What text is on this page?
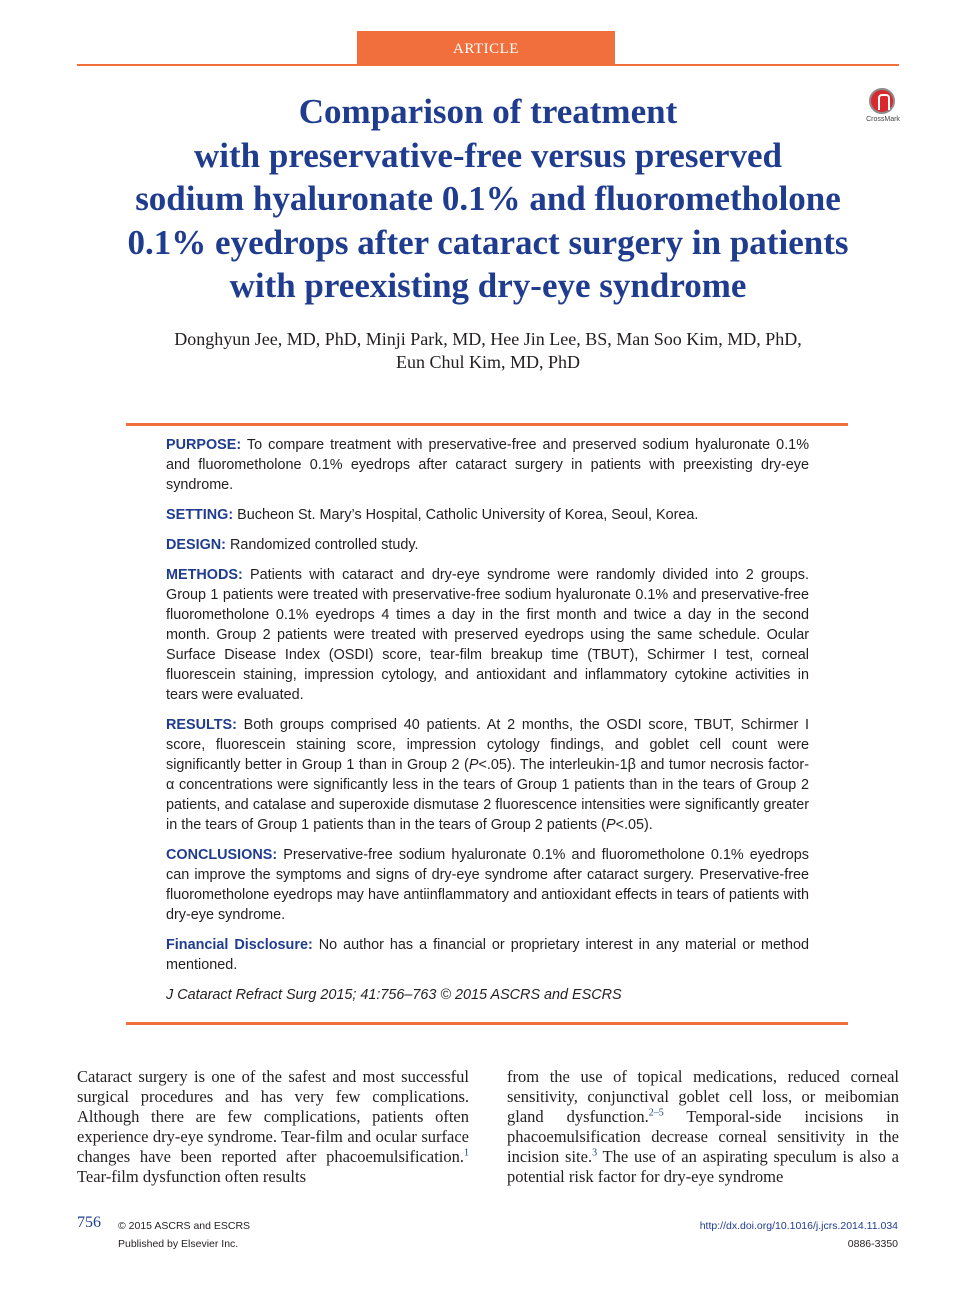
ARTICLE
CrossMark
Comparison of treatment
with preservative-free versus preserved
sodium hyaluronate 0.1% and fluorometholone
0.1% eyedrops after cataract surgery in patients
with preexisting dry-eye syndrome
Donghyun Jee, MD, PhD, Minji Park, MD, Hee Jin Lee, BS, Man Soo Kim, MD, PhD,
Eun Chul Kim, MD, PhD

PURPOSE: To compare treatment with preservative-free and preserved sodium hyaluronate 0.1% and fluorometholone 0.1% eyedrops after cataract surgery in patients with preexisting dry-eye syndrome.

SETTING: Bucheon St. Mary’s Hospital, Catholic University of Korea, Seoul, Korea.

DESIGN: Randomized controlled study.

METHODS: Patients with cataract and dry-eye syndrome were randomly divided into 2 groups. Group 1 patients were treated with preservative-free sodium hyaluronate 0.1% and preservative-free fluorometholone 0.1% eyedrops 4 times a day in the first month and twice a day in the second month. Group 2 patients were treated with preserved eyedrops using the same schedule. Ocular Surface Disease Index (OSDI) score, tear-film breakup time (TBUT), Schirmer I test, corneal fluorescein staining, impression cytology, and antioxidant and inflammatory cytokine activities in tears were evaluated.

RESULTS: Both groups comprised 40 patients. At 2 months, the OSDI score, TBUT, Schirmer I score, fluorescein staining score, impression cytology findings, and goblet cell count were significantly better in Group 1 than in Group 2 (P<.05). The interleukin-1β and tumor necrosis factor-α concentrations were significantly less in the tears of Group 1 patients than in the tears of Group 2 patients, and catalase and superoxide dismutase 2 fluorescence intensities were significantly greater in the tears of Group 1 patients than in the tears of Group 2 patients (P<.05).

CONCLUSIONS: Preservative-free sodium hyaluronate 0.1% and fluorometholone 0.1% eyedrops can improve the symptoms and signs of dry-eye syndrome after cataract surgery. Preservative-free fluorometholone eyedrops may have antiinflammatory and antioxidant effects in tears of patients with dry-eye syndrome.

Financial Disclosure: No author has a financial or proprietary interest in any material or method mentioned.

J Cataract Refract Surg 2015; 41:756–763 © 2015 ASCRS and ESCRS

Cataract surgery is one of the safest and most successful surgical procedures and has very few complications. Although there are few complications, patients often experience dry-eye syndrome. Tear-film and ocular surface changes have been reported after phacoemulsification.$^1$ Tear-film dysfunction often results

from the use of topical medications, reduced corneal sensitivity, conjunctival goblet cell loss, or meibomian gland dysfunction.$^{2-5}$ Temporal-side incisions in phacoemulsification decrease corneal sensitivity in the incision site.$^3$ The use of an aspirating speculum is also a potential risk factor for dry-eye syndrome

756 © 2015 ASCRS and ESCRS
Published by Elsevier Inc.
http://dx.doi.org/10.1016/j.jcrs.2014.11.034
0886-3350
